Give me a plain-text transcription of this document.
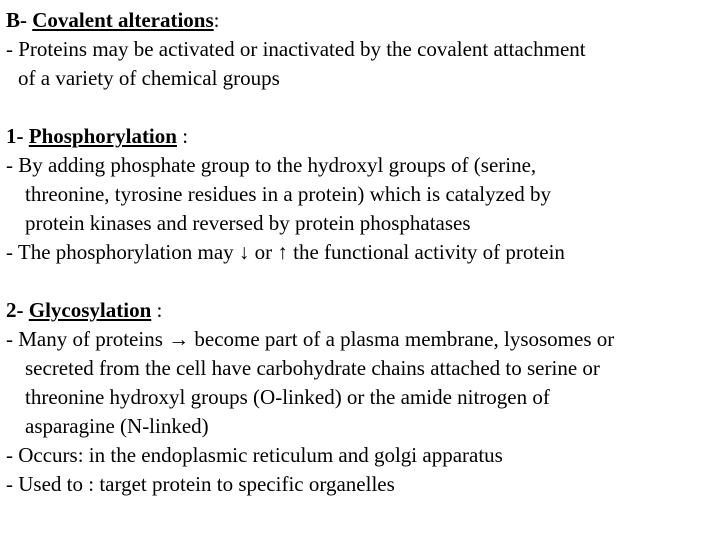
B- Covalent alterations:
- Proteins may be activated or inactivated by the covalent attachment
of a variety of chemical groups
1- Phosphorylation :
- By adding phosphate group to the hydroxyl groups of (serine,
threonine, tyrosine residues in a protein) which is catalyzed by
protein kinases and reversed by protein phosphatases
- The phosphorylation may ↓ or ↑ the functional activity of protein
2- Glycosylation :
- Many of proteins → become part of a plasma membrane, lysosomes or
secreted from the cell have carbohydrate chains attached to serine or
threonine hydroxyl groups (O-linked) or the amide nitrogen of
asparagine (N-linked)
- Occurs: in the endoplasmic reticulum and golgi apparatus
- Used to : target protein to specific organelles
